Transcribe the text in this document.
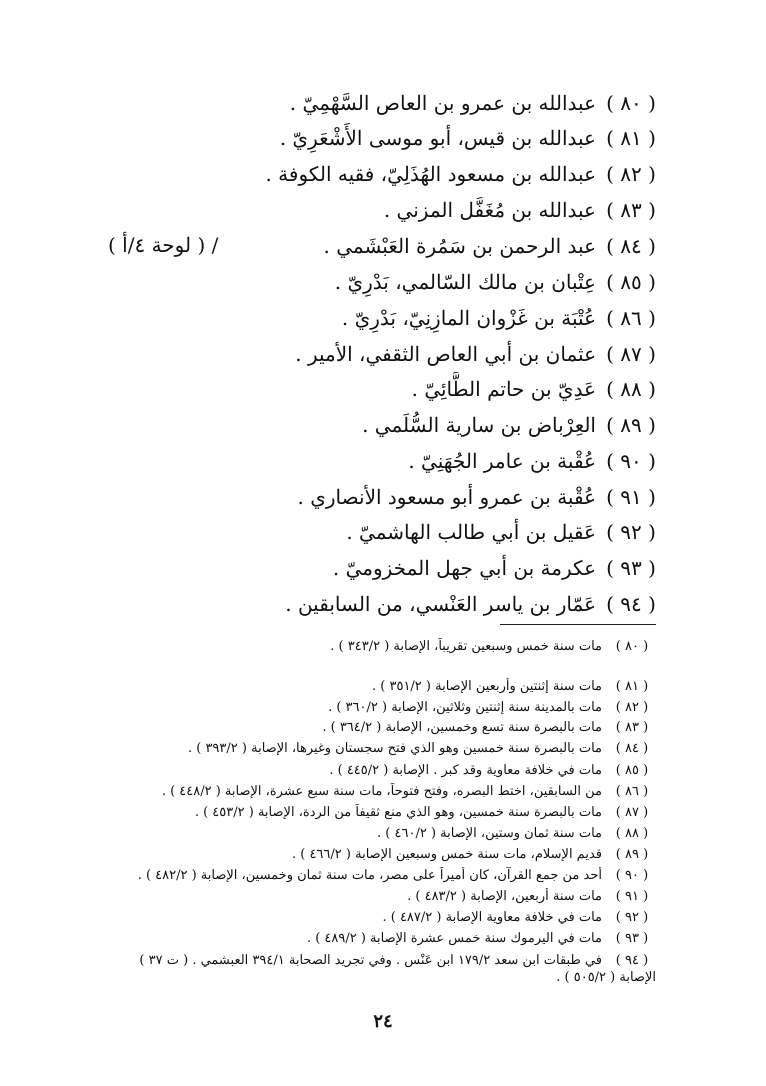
( ٨٠ )عبدالله بن عمرو بن العاص السَّهْمِيّ .
( ٨١ )عبدالله بن قيس، أبو موسى الأَشْعَرِيّ .
( ٨٢ )عبدالله بن مسعود الهُذَلِيّ، فقيه الكوفة .
( ٨٣ )عبدالله بن مُغَفَّل المزني .
( ٨٤ )عبد الرحمن بن سَمُرة العَبْشَمي .
( ٨٥ )عِتْبان بن مالك السّالمي، بَدْرِيّ .
( ٨٦ )عُتْبَة بن غَزْوان المازِنِيّ، بَدْرِيّ .
( ٨٧ )عثمان بن أبي العاص الثقفي، الأمير .
( ٨٨ )عَدِيّ بن حاتم الطَّائِيّ .
( ٨٩ )العِرْباض بن سارية السُّلَمي .
( ٩٠ )عُقْبة بن عامر الجُهَنِيّ .
( ٩١ )عُقْبة بن عمرو أبو مسعود الأنصاري .
( ٩٢ )عَقيل بن أبي طالب الهاشميّ .
( ٩٣ )عكرمة بن أبي جهل المخزوميّ .
( ٩٤ )عَمّار بن ياسر العَنْسي، من السابقين .
/ ( لوحة ٤/أ )
( ٨٠ )مات سنة خمس وسبعين تقريباً، الإصابة ( ٣٤٣/٢ ) .
( ٨١ )مات سنة إثنتين وأربعين الإصابة ( ٣٥١/٢ ) .
( ٨٢ )مات بالمدينة سنة إثنتين وثلاثين، الإصابة ( ٣٦٠/٢ ) .
( ٨٣ )مات بالبصرة سنة تسع وخمسين، الإصابة ( ٣٦٤/٢ ) .
( ٨٤ )مات بالبصرة سنة خمسين وهو الذي فتح سجستان وغيرها، الإصابة ( ٣٩٣/٢ ) .
( ٨٥ )مات في خلافة معاوية وقد كبر . الإصابة ( ٤٤٥/٢ ) .
( ٨٦ )من السابقين، اختط البصره، وفتح فتوحاً، مات سنة سبع عشرة، الإصابة ( ٤٤٨/٢ ) .
( ٨٧ )مات بالبصرة سنة خمسين، وهو الذي منع ثقيفاً من الردة، الإصابة ( ٤٥٣/٢ ) .
( ٨٨ )مات سنة ثمان وستين، الإصابة ( ٤٦٠/٢ ) .
( ٨٩ )قديم الإسلام، مات سنة خمس وسبعين الإصابة ( ٤٦٦/٢ ) .
( ٩٠ )أحد من جمع القرآن، كان أميراً على مصر، مات سنة ثمان وخمسين، الإصابة ( ٤٨٢/٢ ) .
( ٩١ )مات سنة أربعين، الإصابة ( ٤٨٣/٢ ) .
( ٩٢ )مات في خلافة معاوية الإصابة ( ٤٨٧/٢ ) .
( ٩٣ )مات في اليرموك سنة خمس عشرة الإصابة ( ٤٨٩/٢ ) .
( ٩٤ )في طبقات ابن سعد ١٧٩/٢ ابن عَنْس . وفي تجريد الصحابة ٣٩٤/١ العبشمي . ( ت ٣٧ ) الإصابة ( ٥٠٥/٢ ) .
٢٤
